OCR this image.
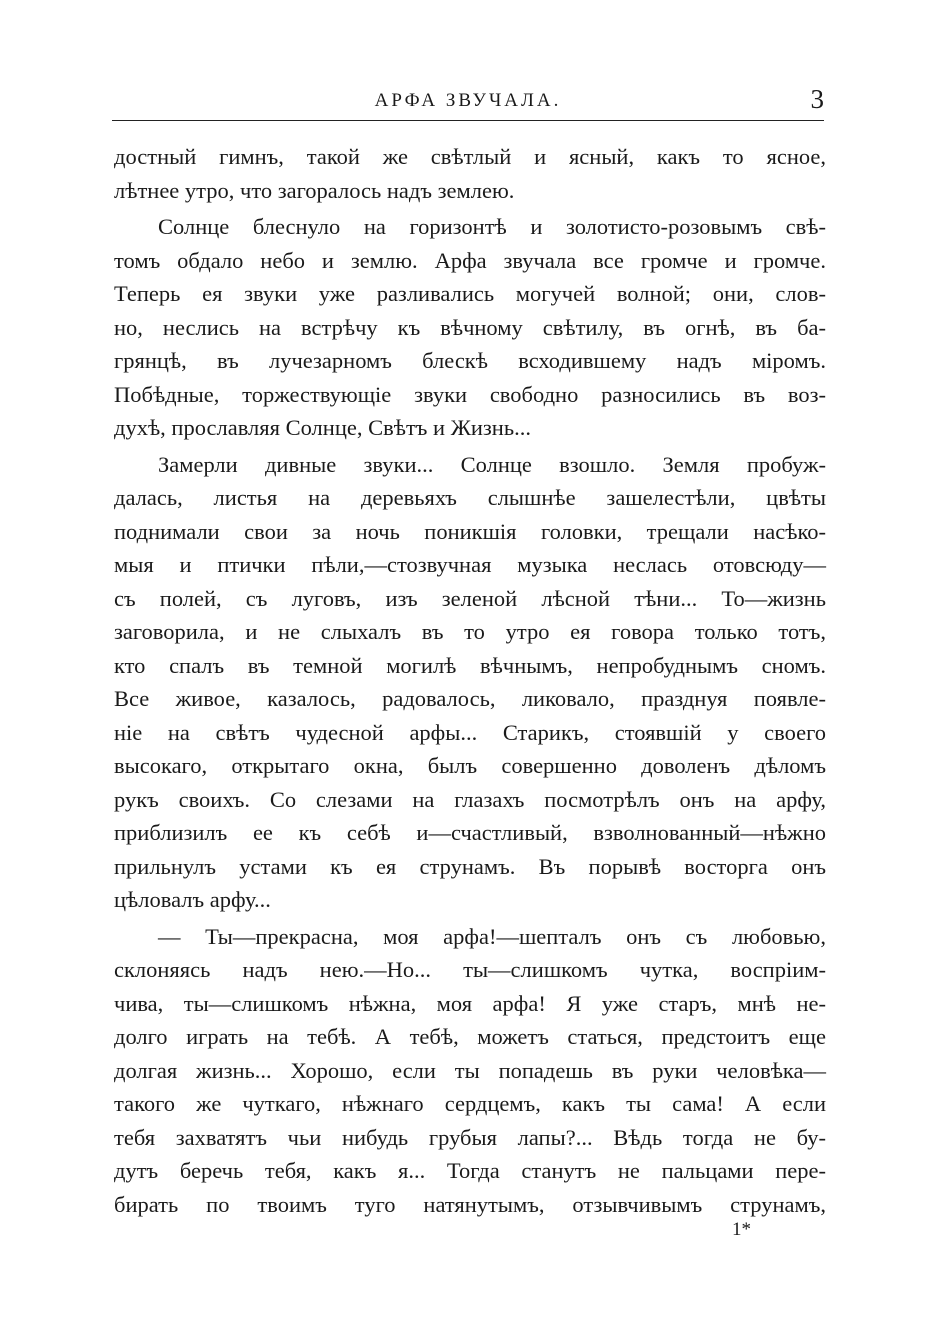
АРФА ЗВУЧАЛА.	3
достный гимнъ, такой же свѣтлый и ясный, какъ то ясное,
лѣтнее утро, что загоралось надъ землею.
Солнце блеснуло на горизонтѣ и золотисто-розовымъ свѣ-
томъ обдало небо и землю. Арфа звучала все громче и громче.
Теперь ея звуки уже разливались могучей волной; они, слов-
но, неслись на встрѣчу къ вѣчному свѣтилу, въ огнѣ, въ ба-
грянцѣ, въ лучезарномъ блескѣ всходившему надъ міромъ.
Побѣдные, торжествующіе звуки свободно разносились въ воз-
духѣ, прославляя Солнце, Свѣтъ и Жизнь...
Замерли дивные звуки... Солнце взошло. Земля пробуж-
далась, листья на деревьяхъ слышнѣе зашелестѣли, цвѣты
поднимали свои за ночь поникшія головки, трещали насѣко-
мыя и птички пѣли,—стозвучная музыка неслась отовсюду—
съ полей, съ луговъ, изъ зеленой лѣсной тѣни... То—жизнь
заговорила, и не слыхалъ въ то утро ея говора только тотъ,
кто спалъ въ темной могилѣ вѣчнымъ, непробуднымъ сномъ.
Все живое, казалось, радовалось, ликовало, празднуя появле-
ніе на свѣтъ чудесной арфы... Старикъ, стоявшій у своего
высокаго, открытаго окна, былъ совершенно доволенъ дѣломъ
рукъ своихъ. Со слезами на глазахъ посмотрѣлъ онъ на арфу,
приблизилъ ее къ себѣ и—счастливый, взволнованный—нѣжно
прильнулъ устами къ ея струнамъ. Въ порывѣ восторга онъ
цѣловалъ арфу...
— Ты—прекрасна, моя арфа!—шепталъ онъ съ любовью,
склоняясь надъ нею.—Но... ты—слишкомъ чутка, воспріим-
чива, ты—слишкомъ нѣжна, моя арфа! Я уже старъ, мнѣ не-
долго играть на тебѣ. А тебѣ, можетъ статься, предстоитъ еще
долгая жизнь... Хорошо, если ты попадешь въ руки человѣка—
такого же чуткаго, нѣжнаго сердцемъ, какъ ты сама! А если
тебя захватятъ чьи нибудь грубыя лапы?... Вѣдь тогда не бу-
дутъ беречь тебя, какъ я... Тогда станутъ не пальцами пере-
бирать по твоимъ туго натянутымъ, отзывчивымъ струнамъ,
1*
